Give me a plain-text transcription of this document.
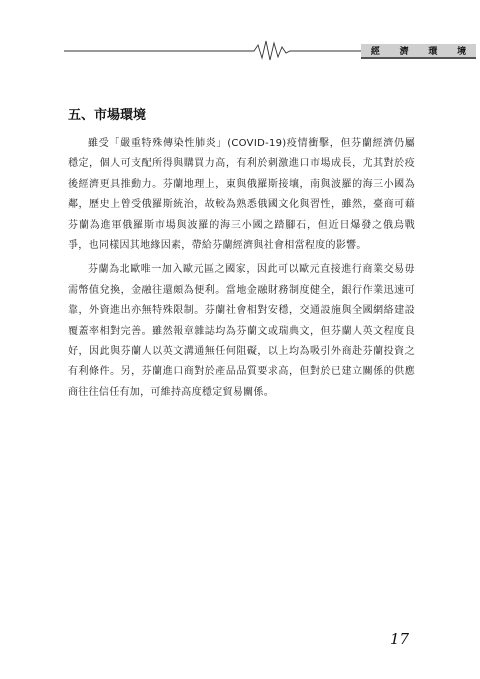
經 濟 環 境
五、市場環境

雖受「嚴重特殊傳染性肺炎」(COVID-19)疫情衝擊，但芬蘭經濟仍屬穩定，個人可支配所得與購買力高，有利於刺激進口市場成長，尤其對於疫後經濟更具推動力。芬蘭地理上，東與俄羅斯接壤，南與波羅的海三小國為鄰，歷史上曾受俄羅斯統治，故較為熟悉俄國文化與習性，雖然，臺商可藉芬蘭為進軍俄羅斯市場與波羅的海三小國之踏腳石，但近日爆發之俄烏戰爭，也同樣因其地緣因素，帶給芬蘭經濟與社會相當程度的影響。

芬蘭為北歐唯一加入歐元區之國家，因此可以歐元直接進行商業交易毋需幣值兌換，金融往還頗為便利。當地金融財務制度健全，銀行作業迅速可靠，外資進出亦無特殊限制。芬蘭社會相對安穩，交通設施與全國網絡建設覆蓋率相對完善。雖然報章雜誌均為芬蘭文或瑞典文，但芬蘭人英文程度良好，因此與芬蘭人以英文溝通無任何阻礙，以上均為吸引外商赴芬蘭投資之有利條件。另，芬蘭進口商對於產品品質要求高，但對於已建立關係的供應商往往信任有加，可維持高度穩定貿易關係。

17
